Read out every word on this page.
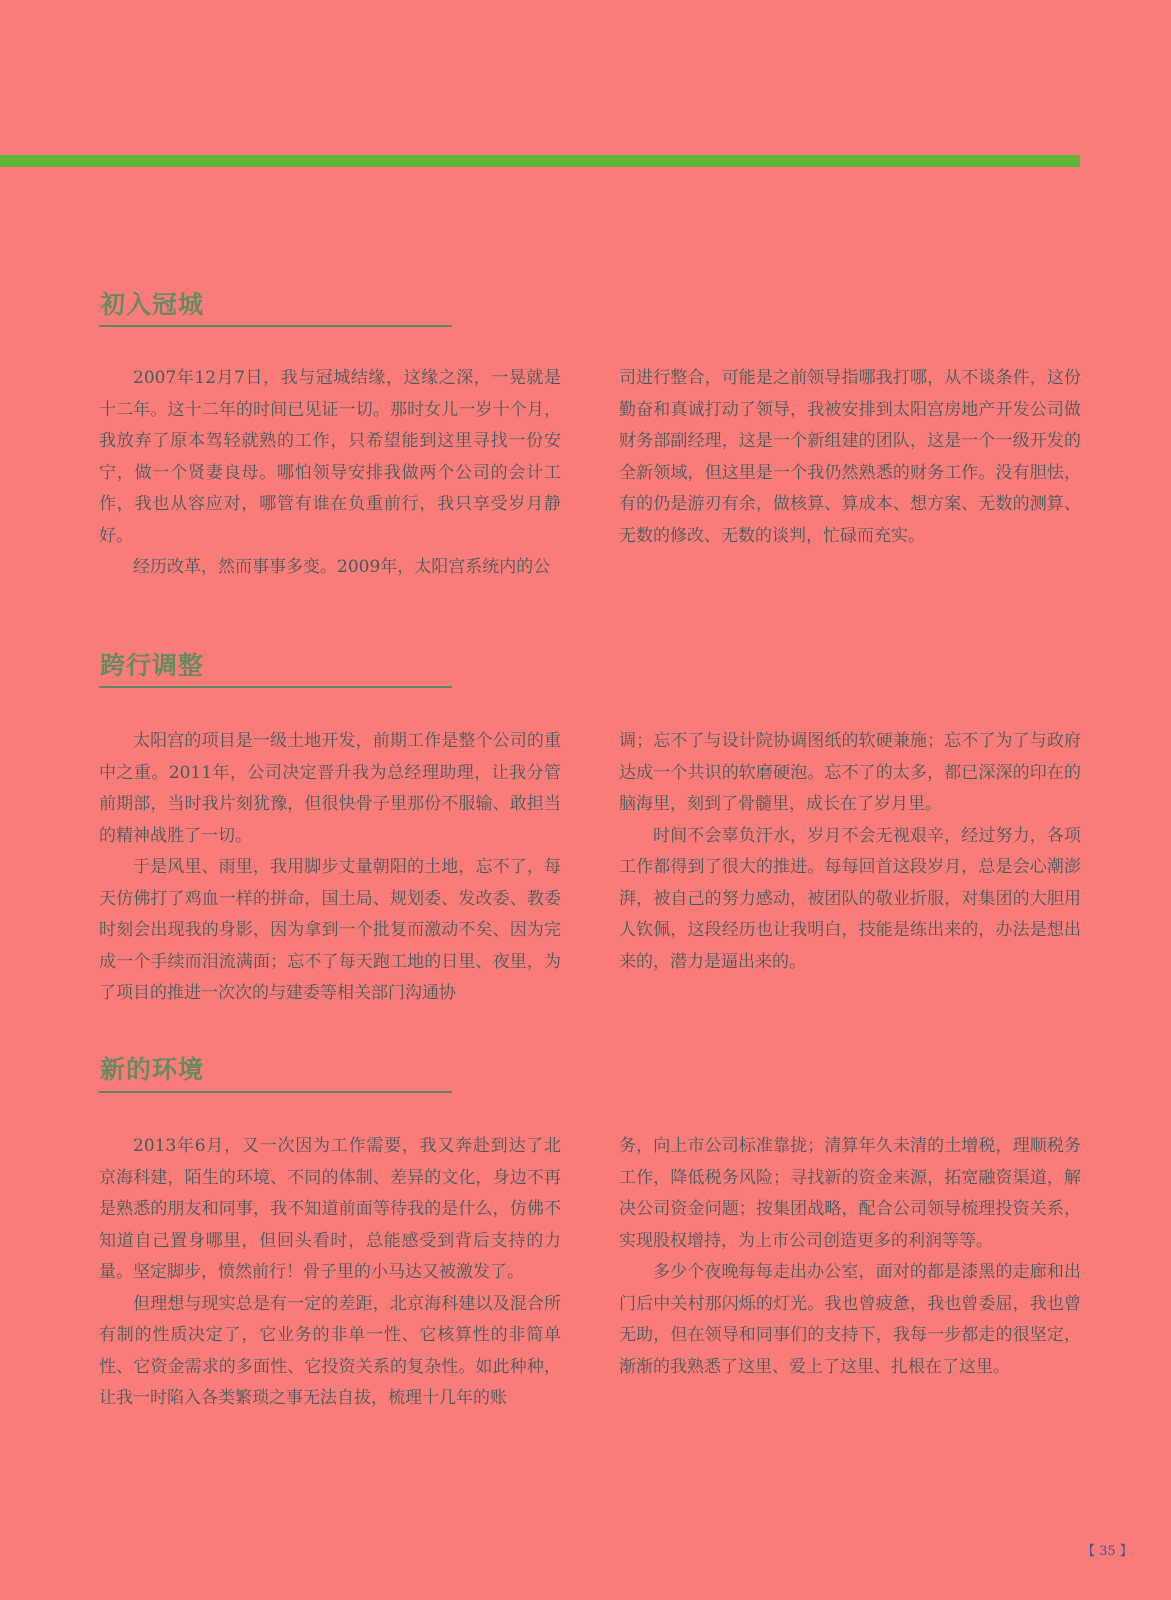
初入冠城

2007年12月7日，我与冠城结缘，这缘之深，一晃就是十二年。这十二年的时间已见证一切。那时女儿一岁十个月，我放弃了原本驾轻就熟的工作，只希望能到这里寻找一份安宁，做一个贤妻良母。哪怕领导安排我做两个公司的会计工作，我也从容应对，哪管有谁在负重前行，我只享受岁月静好。

经历改革，然而事事多变。2009年，太阳宫系统内的公

司进行整合，可能是之前领导指哪我打哪，从不谈条件，这份勤奋和真诚打动了领导，我被安排到太阳宫房地产开发公司做财务部副经理，这是一个新组建的团队，这是一个一级开发的全新领域，但这里是一个我仍然熟悉的财务工作。没有胆怯，有的仍是游刃有余，做核算、算成本、想方案、无数的测算、无数的修改、无数的谈判，忙碌而充实。

跨行调整

太阳宫的项目是一级土地开发，前期工作是整个公司的重中之重。2011年，公司决定晋升我为总经理助理，让我分管前期部，当时我片刻犹豫，但很快骨子里那份不服输、敢担当的精神战胜了一切。

于是风里、雨里，我用脚步丈量朝阳的土地，忘不了，每天仿佛打了鸡血一样的拼命，国土局、规划委、发改委、教委时刻会出现我的身影，因为拿到一个批复而激动不矣、因为完成一个手续而泪流满面；忘不了每天跑工地的日里、夜里，为了项目的推进一次次的与建委等相关部门沟通协

调；忘不了与设计院协调图纸的软硬兼施；忘不了为了与政府达成一个共识的软磨硬泡。忘不了的太多，都已深深的印在的脑海里，刻到了骨髓里，成长在了岁月里。

时间不会辜负汗水，岁月不会无视艰辛，经过努力，各项工作都得到了很大的推进。每每回首这段岁月，总是会心潮澎湃，被自己的努力感动，被团队的敬业折服，对集团的大胆用人钦佩，这段经历也让我明白，技能是练出来的，办法是想出来的，潜力是逼出来的。

新的环境

2013年6月，又一次因为工作需要，我又奔赴到达了北京海科建，陌生的环境、不同的体制、差异的文化，身边不再是熟悉的朋友和同事，我不知道前面等待我的是什么，仿佛不知道自己置身哪里，但回头看时，总能感受到背后支持的力量。坚定脚步，愤然前行！骨子里的小马达又被激发了。

但理想与现实总是有一定的差距，北京海科建以及混合所有制的性质决定了，它业务的非单一性、它核算性的非简单性、它资金需求的多面性、它投资关系的复杂性。如此种种，让我一时陷入各类繁琐之事无法自拔，梳理十几年的账

务，向上市公司标准靠拢；清算年久未清的土增税，理顺税务工作，降低税务风险；寻找新的资金来源，拓宽融资渠道，解决公司资金问题；按集团战略，配合公司领导梳理投资关系，实现股权增持，为上市公司创造更多的利润等等。

多少个夜晚每每走出办公室，面对的都是漆黑的走廊和出门后中关村那闪烁的灯光。我也曾疲惫，我也曾委屈，我也曾无助，但在领导和同事们的支持下，我每一步都走的很坚定，渐渐的我熟悉了这里、爱上了这里、扎根在了这里。

【 35 】
